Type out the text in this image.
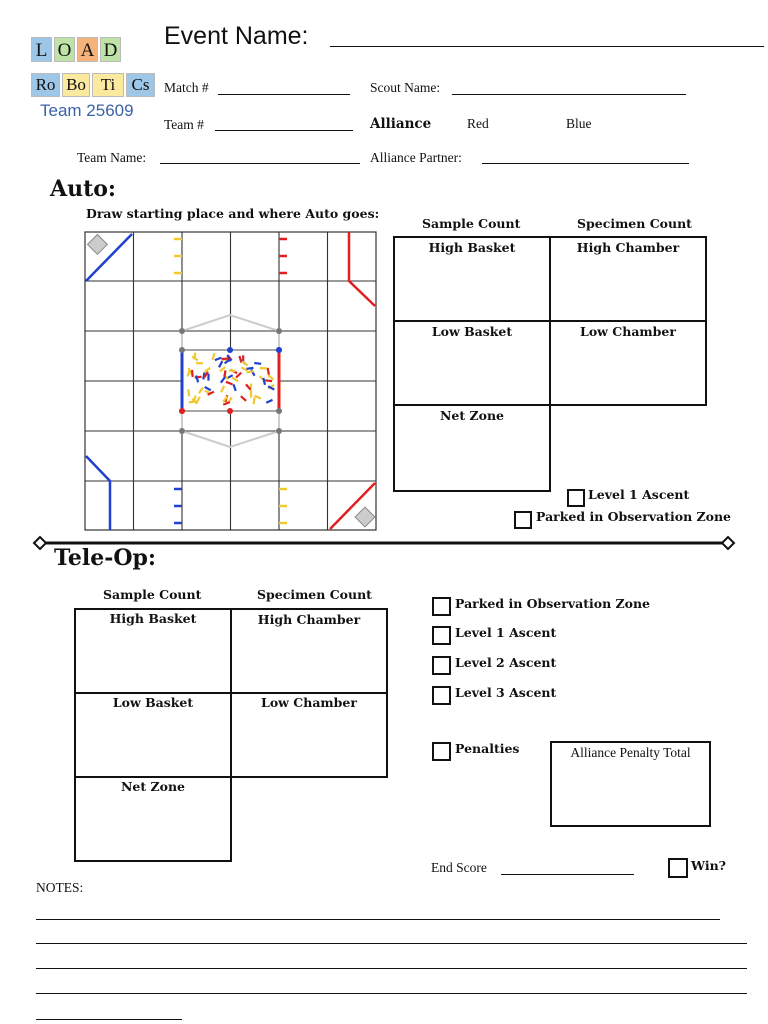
L O A D
Ro Bo Ti Cs
Team 25609
Event Name:
Match #	Scout Name:
Team #	Alliance	Red	Blue
Team Name:	Alliance Partner:
Auto:
Draw starting place and where Auto goes:
Sample Count	Specimen Count
High Basket	High Chamber
Low Basket	Low Chamber
Net Zone
Level 1 Ascent
Parked in Observation Zone
Tele-Op:
Sample Count	Specimen Count
High Basket	High Chamber
Low Basket	Low Chamber
Net Zone
Parked in Observation Zone
Level 1 Ascent
Level 2 Ascent
Level 3 Ascent
Penalties	Alliance Penalty Total
End Score	Win?
NOTES:
